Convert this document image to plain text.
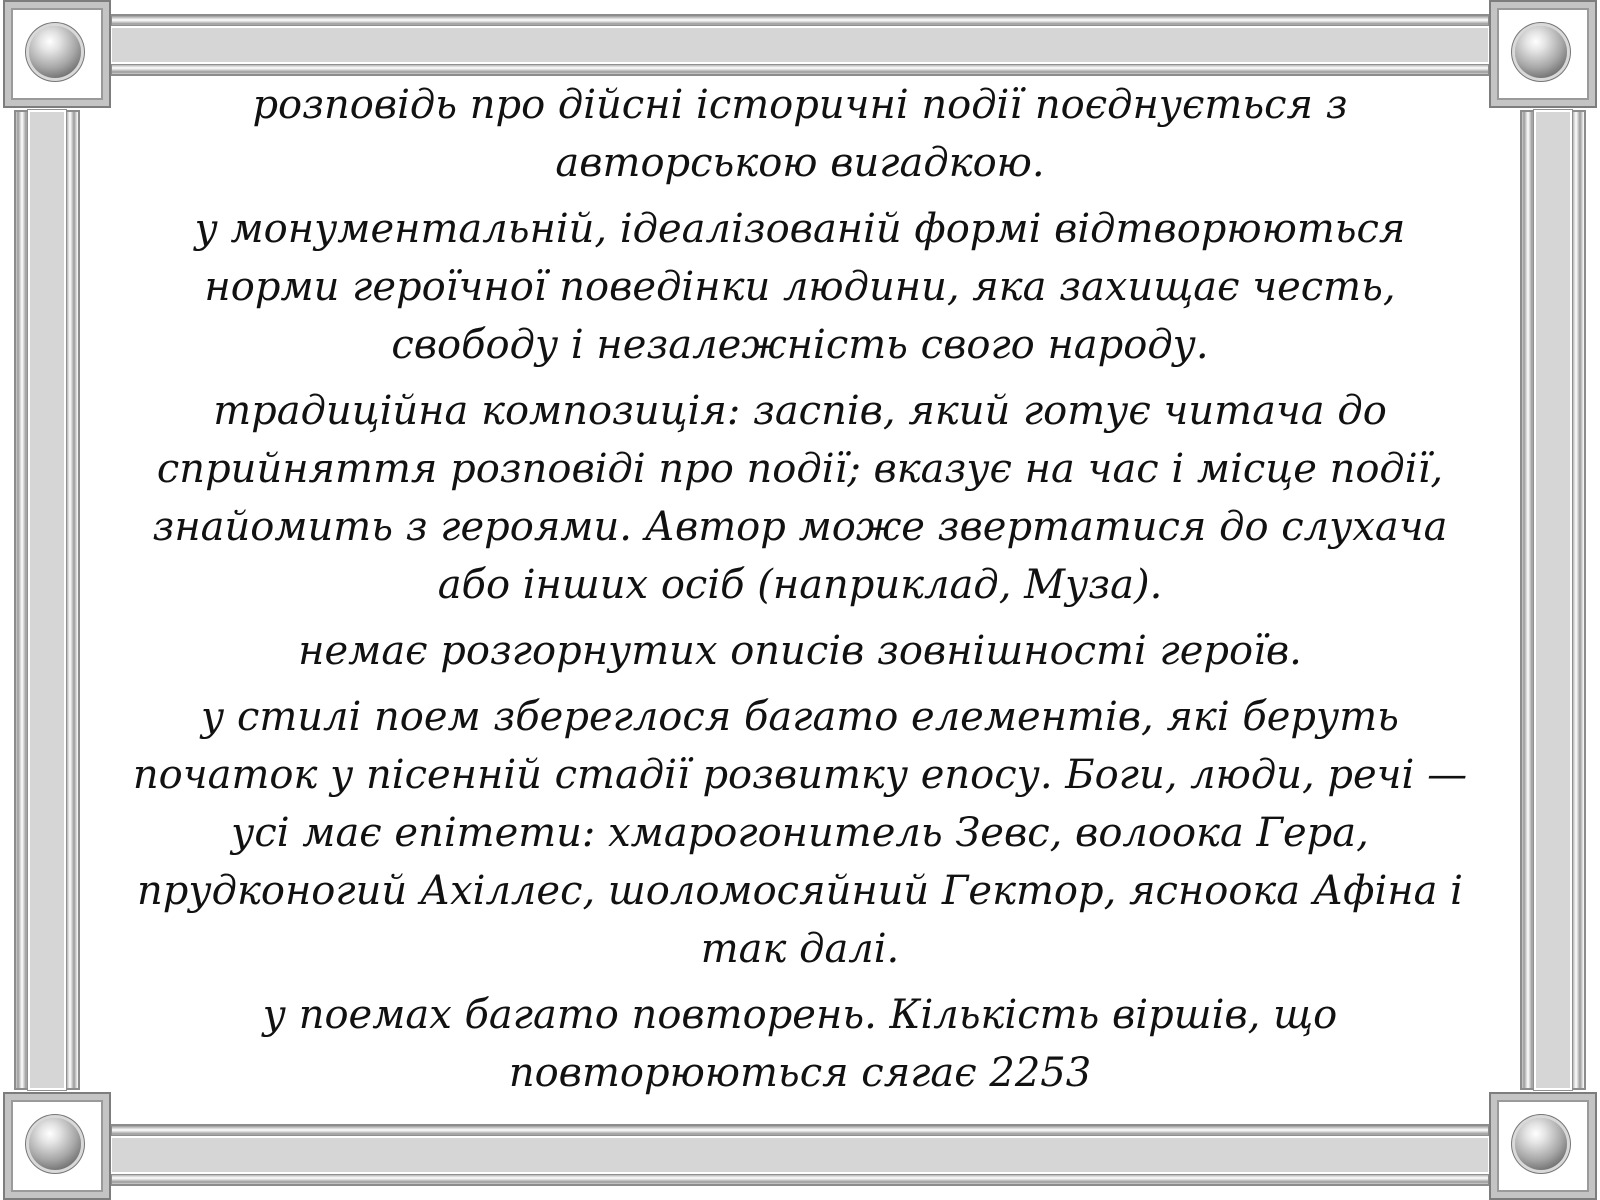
розповідь про дійсні історичні події поєднується з авторською вигадкою.

у монументальній, ідеалізованій формі відтворюються норми героїчної поведінки людини, яка захищає честь, свободу і незалежність свого народу.

традиційна композиція: заспів, який готує читача до сприйняття розповіді про події; вказує на час і місце події, знайомить з героями. Автор може звертатися до слухача або інших осіб (наприклад, Муза).

немає розгорнутих описів зовнішності героїв.

у стилі поем збереглося багато елементів, які беруть початок у пісенній стадії розвитку епосу. Боги, люди, речі — усі має епітети: хмарогонитель Зевс, волоока Гера, прудконогий Ахіллес, шоломосяйний Гектор, ясноока Афіна і так далі.

у поемах багато повторень. Кількість віршів, що повторюються сягає 2253
